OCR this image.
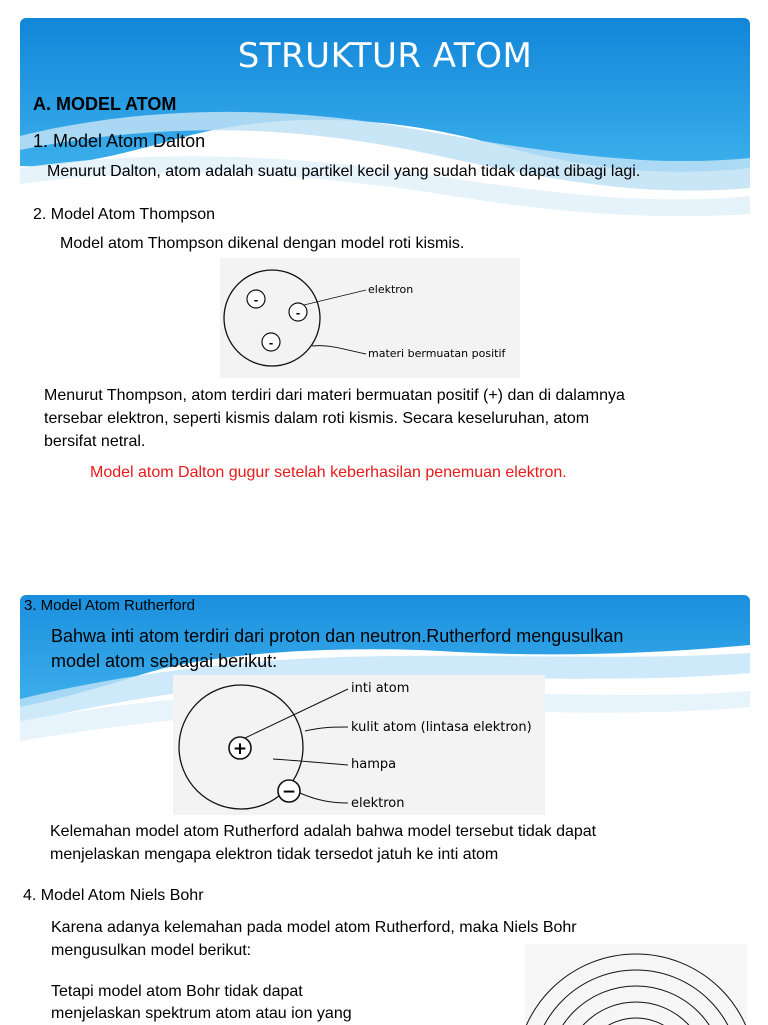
STRUKTUR ATOM

A. MODEL ATOM

1. Model Atom Dalton

Menurut Dalton, atom adalah suatu partikel kecil yang sudah tidak dapat dibagi lagi.

2. Model Atom Thompson

Model atom Thompson dikenal dengan model roti kismis.

-
-
-
elektron
materi bermuatan positif

Menurut Thompson, atom terdiri dari materi bermuatan positif (+) dan di dalamnya

tersebar elektron, seperti kismis dalam roti kismis. Secara keseluruhan, atom

bersifat netral.

Model atom Dalton gugur setelah keberhasilan penemuan elektron.

3. Model Atom Rutherford

Bahwa inti atom terdiri dari proton dan neutron.Rutherford mengusulkan

model atom sebagai berikut:

+
−
inti atom
kulit atom (lintasa elektron)
hampa
elektron

Kelemahan model atom Rutherford adalah bahwa model tersebut tidak dapat

menjelaskan mengapa elektron tidak tersedot jatuh ke inti atom

4. Model Atom Niels Bohr

Karena adanya kelemahan pada model atom Rutherford, maka Niels Bohr

mengusulkan model berikut:

Tetapi model atom Bohr tidak dapat

menjelaskan spektrum atom atau ion yang
